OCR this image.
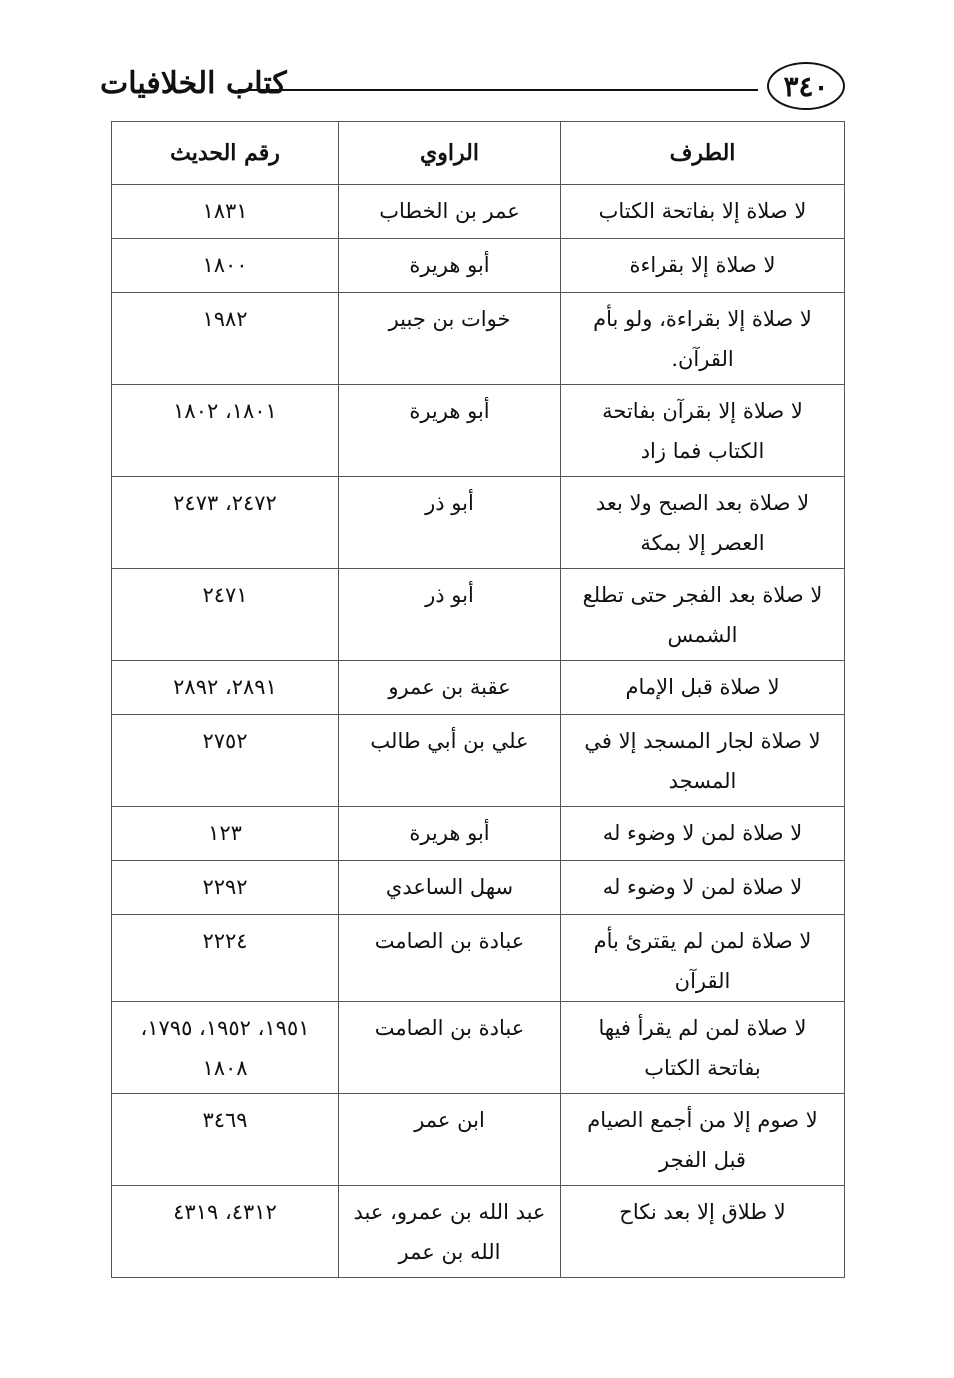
كتاب الخلافيات	٣٤٠
الطرف	الراوي	رقم الحديث
لا صلاة إلا بفاتحة الكتاب	عمر بن الخطاب	١٨٣١
لا صلاة إلا بقراءة	أبو هريرة	١٨٠٠
لا صلاة إلا بقراءة، ولو بأم القرآن.	خوات بن جبير	١٩٨٢
لا صلاة إلا بقرآن بفاتحة الكتاب فما زاد	أبو هريرة	١٨٠١، ١٨٠٢
لا صلاة بعد الصبح ولا بعد العصر إلا بمكة	أبو ذر	٢٤٧٢، ٢٤٧٣
لا صلاة بعد الفجر حتى تطلع الشمس	أبو ذر	٢٤٧١
لا صلاة قبل الإمام	عقبة بن عمرو	٢٨٩١، ٢٨٩٢
لا صلاة لجار المسجد إلا في المسجد	علي بن أبي طالب	٢٧٥٢
لا صلاة لمن لا وضوء له	أبو هريرة	١٢٣
لا صلاة لمن لا وضوء له	سهل الساعدي	٢٢٩٢
لا صلاة لمن لم يقترئ بأم القرآن	عبادة بن الصامت	٢٢٢٤
لا صلاة لمن لم يقرأ فيها بفاتحة الكتاب	عبادة بن الصامت	١٩٥١، ١٩٥٢، ١٧٩٥، ١٨٠٨
لا صوم إلا من أجمع الصيام قبل الفجر	ابن عمر	٣٤٦٩
لا طلاق إلا بعد نكاح	عبد الله بن عمرو، عبد الله بن عمر	٤٣١٢، ٤٣١٩
